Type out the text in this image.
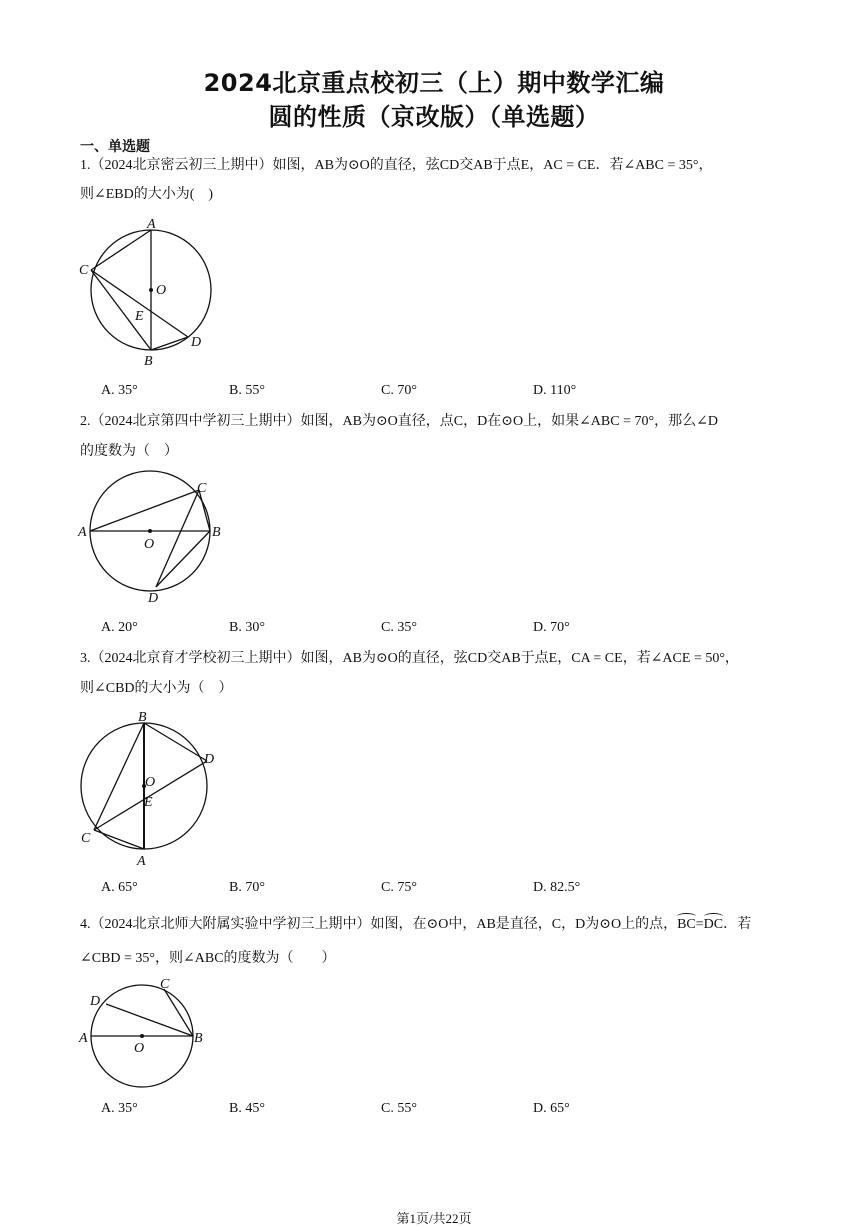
2024北京重点校初三（上）期中数学汇编
圆的性质（京改版）（单选题）
一、单选题
1.（2024北京密云初三上期中）如图，AB为⊙O的直径，弦CD交AB于点E，AC = CE．若∠ABC = 35°，
则∠EBD的大小为(　)
A
C
O
E
B
D
A. 35°	B. 55°	C. 70°	D. 110°
2.（2024北京第四中学初三上期中）如图，AB为⊙O直径，点C，D在⊙O上，如果∠ABC = 70°，那么∠D
的度数为（　）
A
C
O
B
D
A. 20°	B. 30°	C. 35°	D. 70°
3.（2024北京育才学校初三上期中）如图，AB为⊙O的直径，弦CD交AB于点E，CA = CE，若∠ACE = 50°，
则∠CBD的大小为（　）
B
D
O
E
C
A
A. 65°	B. 70°	C. 75°	D. 82.5°
4.（2024北京北师大附属实验中学初三上期中）如图，在⊙O中，AB是直径，C，D为⊙O上的点，BC=DC．若
∠CBD = 35°，则∠ABC的度数为（　　）
D
C
A
O
B
A. 35°	B. 45°	C. 55°	D. 65°
第1页/共22页
